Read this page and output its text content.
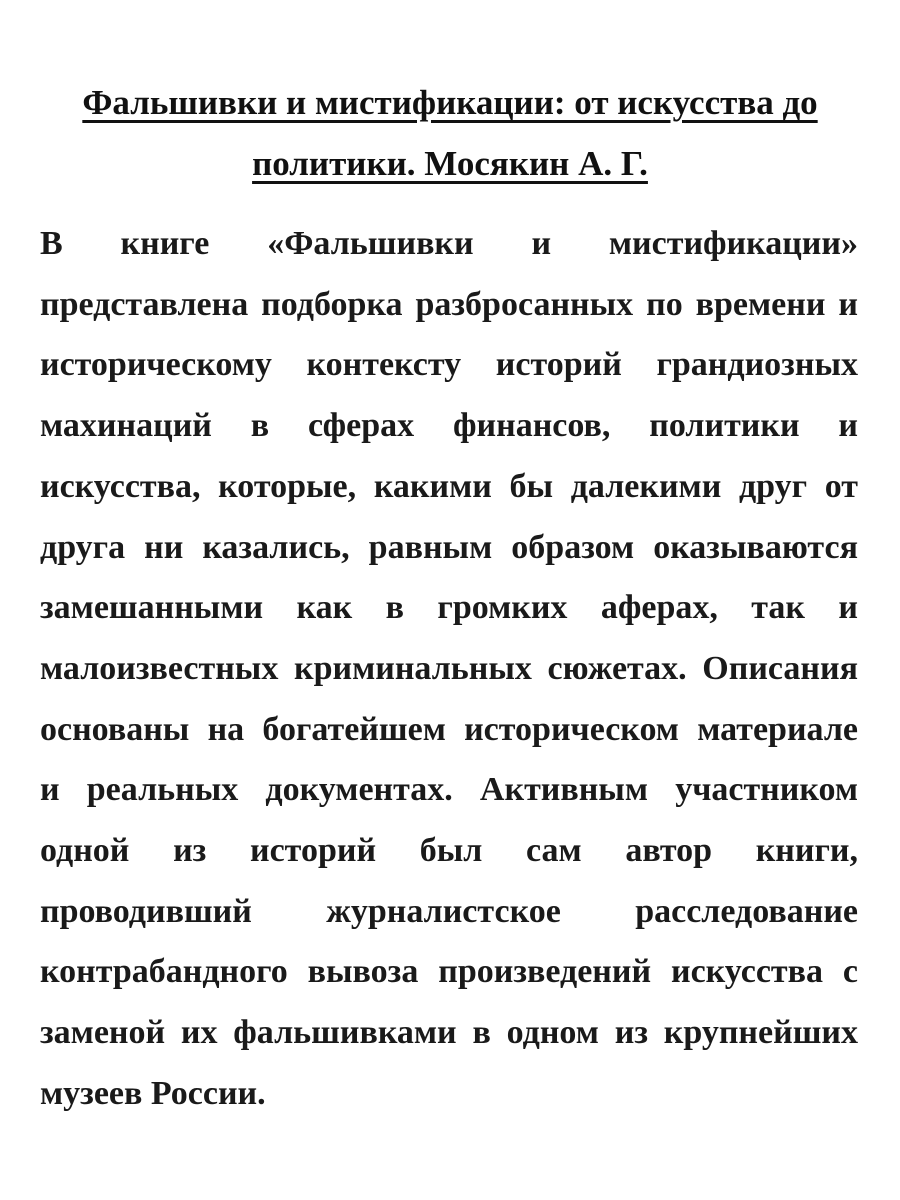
Фальшивки и мистификации: от искусства до
политики. Мосякин А. Г.
В книге «Фальшивки и мистификации»
представлена подборка разбросанных по времени и
историческому контексту историй грандиозных
махинаций в сферах финансов, политики и
искусства, которые, какими бы далекими друг от
друга ни казались, равным образом оказываются
замешанными как в громких аферах, так и
малоизвестных криминальных сюжетах. Описания
основаны на богатейшем историческом материале
и реальных документах. Активным участником
одной из историй был сам автор книги,
проводивший журналистское расследование
контрабандного вывоза произведений искусства с
заменой их фальшивками в одном из крупнейших
музеев России.
